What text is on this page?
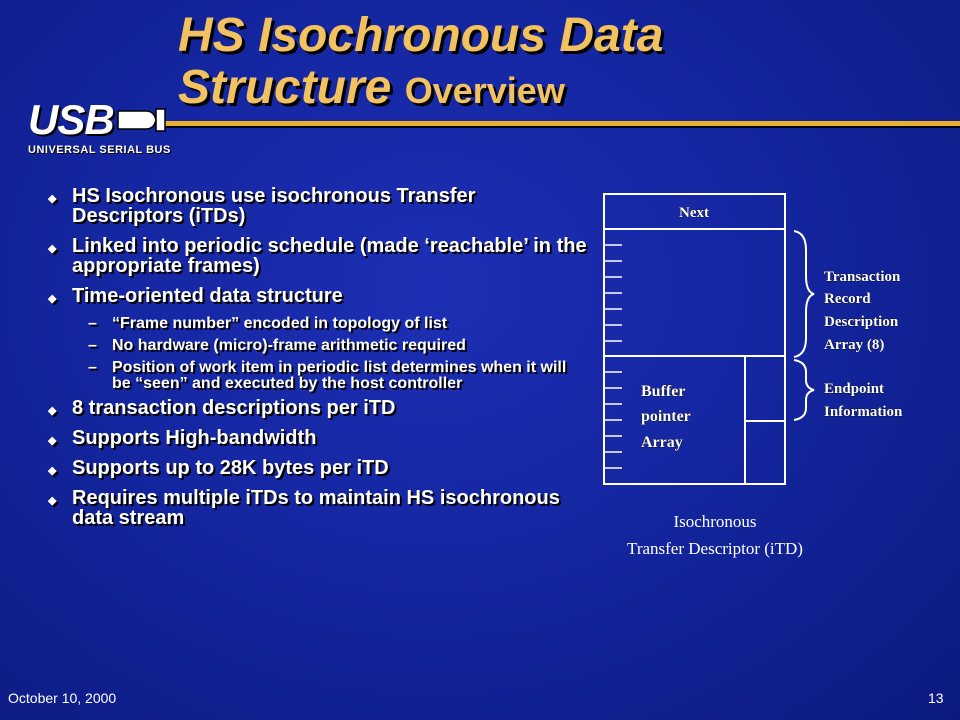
HS Isochronous Data
Structure Overview
USB
UNIVERSAL SERIAL BUS
◆ HS Isochronous use isochronous Transfer Descriptors (iTDs)
◆ Linked into periodic schedule (made ‘reachable’ in the appropriate frames)
◆ Time-oriented data structure
– “Frame number” encoded in topology of list
– No hardware (micro)-frame arithmetic required
– Position of work item in periodic list determines when it will be “seen” and executed by the host controller
◆ 8 transaction descriptions per iTD
◆ Supports High-bandwidth
◆ Supports up to 28K bytes per iTD
◆ Requires multiple iTDs to maintain HS isochronous data stream
Next
Buffer
pointer
Array
Transaction
Record
Description
Array (8)
Endpoint
Information
Isochronous
Transfer Descriptor (iTD)
October 10, 2000	13
